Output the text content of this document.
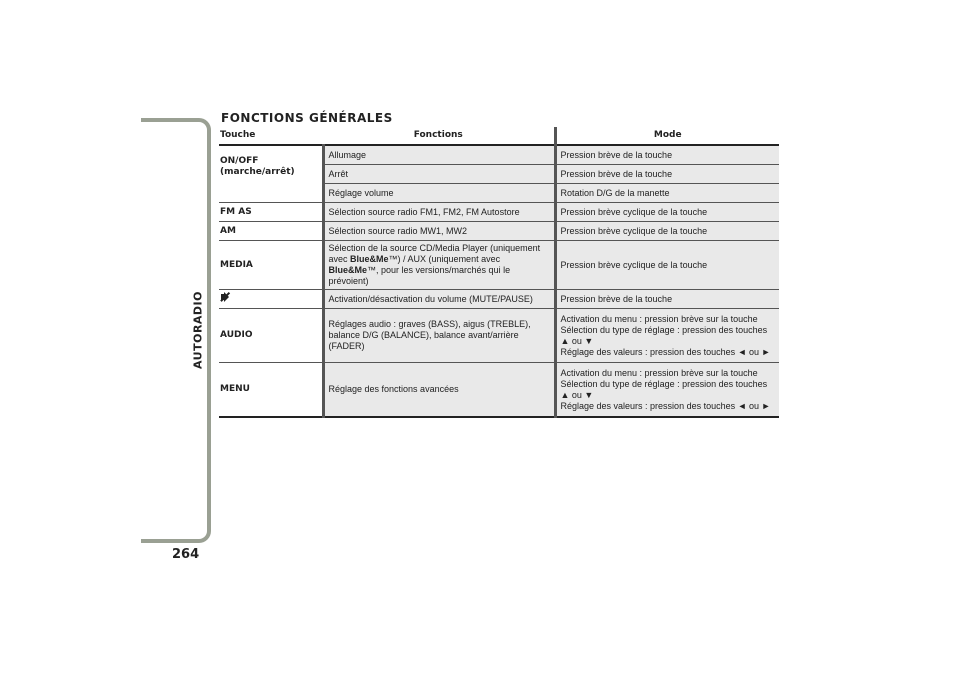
AUTORADIO
264
FONCTIONS GÉNÉRALES
Touche	Fonctions	Mode
ON/OFF
(marche/arrêt)	Allumage	Pression brève de la touche
	Arrêt	Pression brève de la touche
	Réglage volume	Rotation D/G de la manette
FM AS	Sélection source radio FM1, FM2, FM Autostore	Pression brève cyclique de la touche
AM	Sélection source radio MW1, MW2	Pression brève cyclique de la touche
MEDIA	Sélection de la source CD/Media Player (uniquement avec Blue&Me™) / AUX (uniquement avec Blue&Me™, pour les versions/marchés qui le prévoient)	Pression brève cyclique de la touche

	Activation/désactivation du volume (MUTE/PAUSE)	Pression brève de la touche
AUDIO	Réglages audio : graves (BASS), aigus (TREBLE), balance D/G (BALANCE), balance avant/arrière (FADER)	Activation du menu : pression brève sur la touche
Sélection du type de réglage : pression des touches
▲ ou ▼
Réglage des valeurs : pression des touches ◄ ou ►

MENU	Réglage des fonctions avancées	Activation du menu : pression brève sur la touche
Sélection du type de réglage : pression des touches
▲ ou ▼
Réglage des valeurs : pression des touches ◄ ou ►
